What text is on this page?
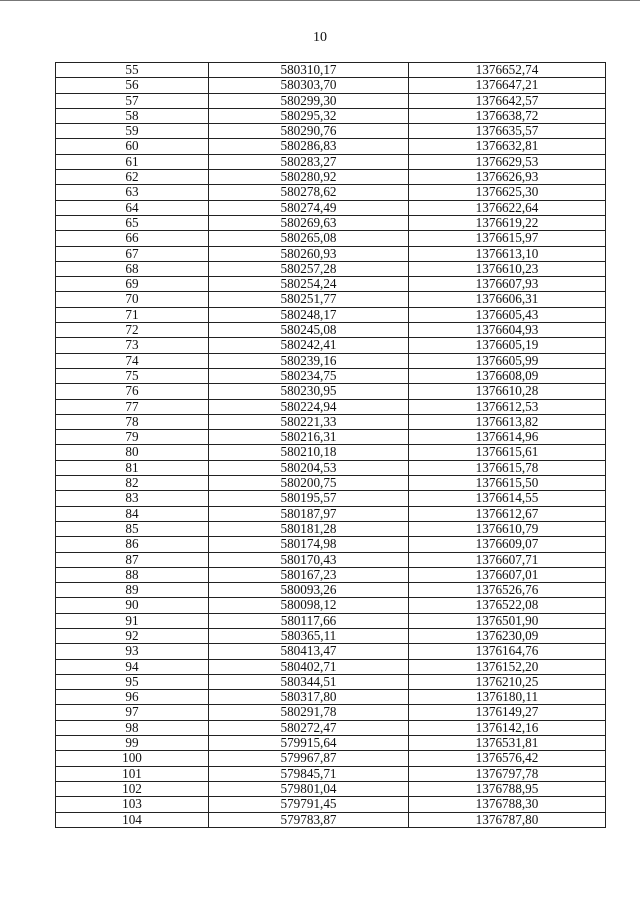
10
55	580310,17	1376652,74
56	580303,70	1376647,21
57	580299,30	1376642,57
58	580295,32	1376638,72
59	580290,76	1376635,57
60	580286,83	1376632,81
61	580283,27	1376629,53
62	580280,92	1376626,93
63	580278,62	1376625,30
64	580274,49	1376622,64
65	580269,63	1376619,22
66	580265,08	1376615,97
67	580260,93	1376613,10
68	580257,28	1376610,23
69	580254,24	1376607,93
70	580251,77	1376606,31
71	580248,17	1376605,43
72	580245,08	1376604,93
73	580242,41	1376605,19
74	580239,16	1376605,99
75	580234,75	1376608,09
76	580230,95	1376610,28
77	580224,94	1376612,53
78	580221,33	1376613,82
79	580216,31	1376614,96
80	580210,18	1376615,61
81	580204,53	1376615,78
82	580200,75	1376615,50
83	580195,57	1376614,55
84	580187,97	1376612,67
85	580181,28	1376610,79
86	580174,98	1376609,07
87	580170,43	1376607,71
88	580167,23	1376607,01
89	580093,26	1376526,76
90	580098,12	1376522,08
91	580117,66	1376501,90
92	580365,11	1376230,09
93	580413,47	1376164,76
94	580402,71	1376152,20
95	580344,51	1376210,25
96	580317,80	1376180,11
97	580291,78	1376149,27
98	580272,47	1376142,16
99	579915,64	1376531,81
100	579967,87	1376576,42
101	579845,71	1376797,78
102	579801,04	1376788,95
103	579791,45	1376788,30
104	579783,87	1376787,80
